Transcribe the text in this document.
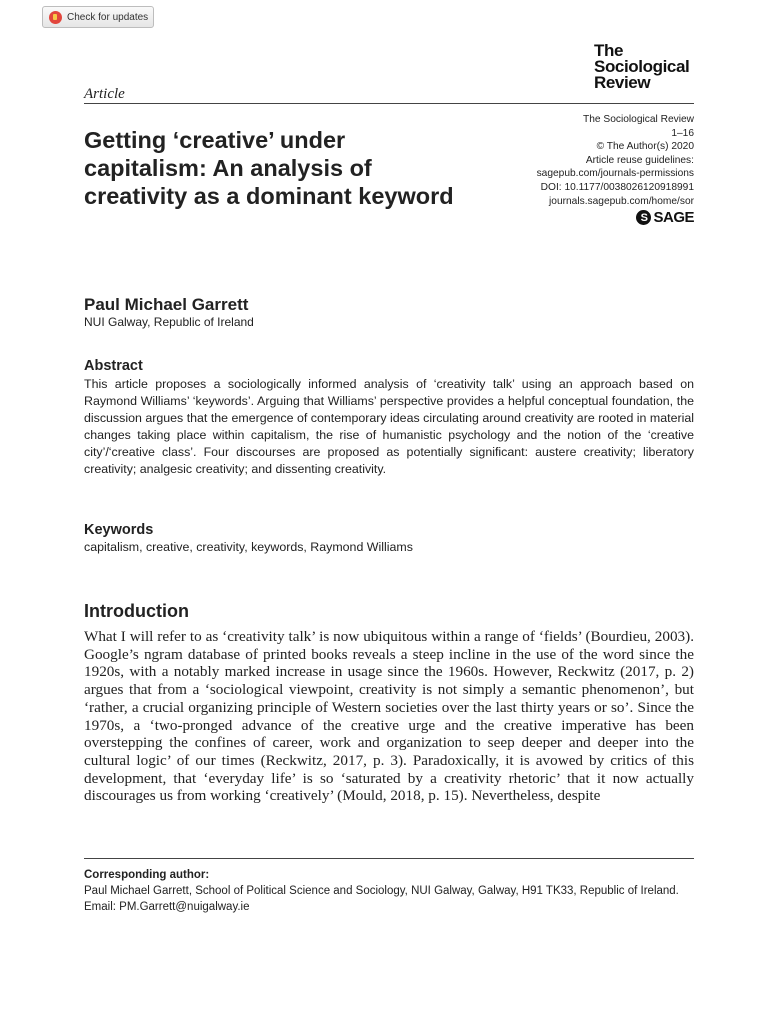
Check for updates
The
Sociological
Review
Article
Getting ‘creative’ under capitalism: An analysis of creativity as a dominant keyword
The Sociological Review
1–16
© The Author(s) 2020
Article reuse guidelines:
sagepub.com/journals-permissions
DOI: 10.1177/0038026120918991
journals.sagepub.com/home/sor
S SAGE
Paul Michael Garrett
NUI Galway, Republic of Ireland
Abstract
This article proposes a sociologically informed analysis of ‘creativity talk’ using an approach based on Raymond Williams’ ‘keywords’. Arguing that Williams’ perspective provides a helpful conceptual foundation, the discussion argues that the emergence of contemporary ideas circulating around creativity are rooted in material changes taking place within capitalism, the rise of humanistic psychology and the notion of the ‘creative city’/‘creative class’. Four discourses are proposed as potentially significant: austere creativity; liberatory creativity; analgesic creativity; and dissenting creativity.
Keywords
capitalism, creative, creativity, keywords, Raymond Williams
Introduction
What I will refer to as ‘creativity talk’ is now ubiquitous within a range of ‘fields’ (Bourdieu, 2003). Google’s ngram database of printed books reveals a steep incline in the use of the word since the 1920s, with a notably marked increase in usage since the 1960s. However, Reckwitz (2017, p. 2) argues that from a ‘sociological viewpoint, creativity is not simply a semantic phenomenon’, but ‘rather, a crucial organizing principle of Western societies over the last thirty years or so’. Since the 1970s, a ‘two-pronged advance of the creative urge and the creative imperative has been overstepping the confines of career, work and organization to seep deeper and deeper into the cultural logic’ of our times (Reckwitz, 2017, p. 3). Paradoxically, it is avowed by critics of this development, that ‘everyday life’ is so ‘saturated by a creativity rhetoric’ that it now actually discourages us from working ‘creatively’ (Mould, 2018, p. 15). Nevertheless, despite
Corresponding author:
Paul Michael Garrett, School of Political Science and Sociology, NUI Galway, Galway, H91 TK33, Republic of Ireland.
Email: PM.Garrett@nuigalway.ie
